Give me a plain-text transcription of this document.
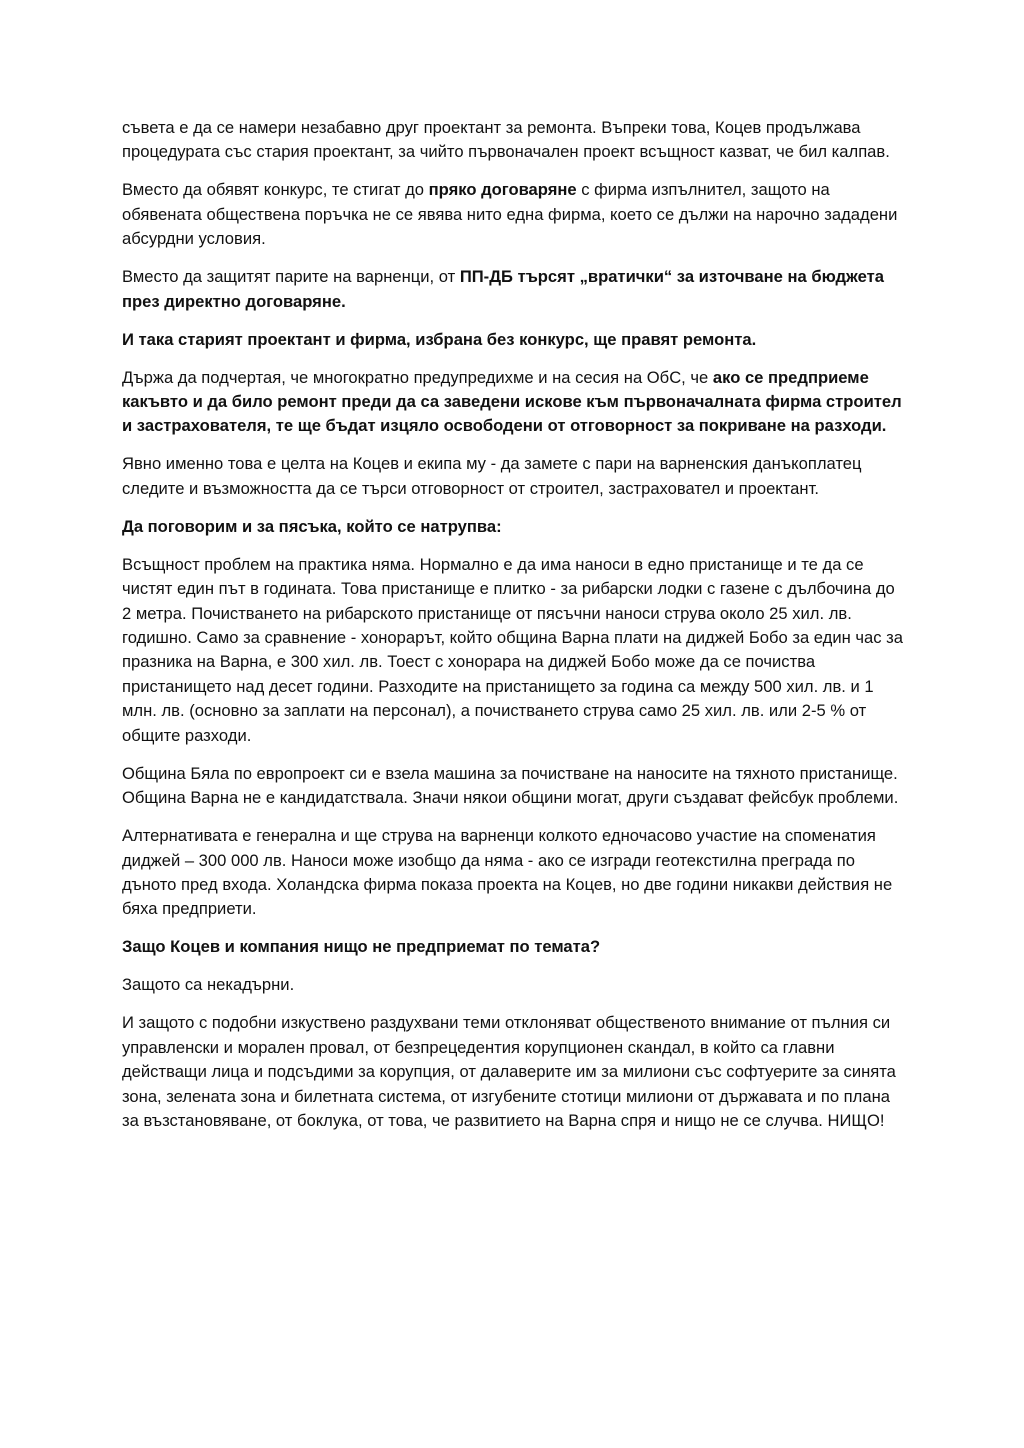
съвета е да се намери незабавно друг проектант за ремонта. Въпреки това, Коцев продължава процедурата със стария проектант, за чийто първоначален проект всъщност казват, че бил калпав.

Вместо да обявят конкурс, те стигат до пряко договаряне с фирма изпълнител, защото на обявената обществена поръчка не се явява нито една фирма, което се дължи на нарочно зададени абсурдни условия.

Вместо да защитят парите на варненци, от ПП-ДБ търсят „вратички“ за източване на бюджета през директно договаряне.

И така старият проектант и фирма, избрана без конкурс, ще правят ремонта.

Държа да подчертая, че многократно предупредихме и на сесия на ОбС, че ако се предприеме какъвто и да било ремонт преди да са заведени искове към първоначалната фирма строител и застрахователя, те ще бъдат изцяло освободени от отговорност за покриване на разходи.

Явно именно това е целта на Коцев и екипа му - да замете с пари на варненския данъкоплатец следите и възможността да се търси отговорност от строител, застраховател и проектант.

Да поговорим и за пясъка, който се натрупва:

Всъщност проблем на практика няма. Нормално е да има наноси в едно пристанище и те да се чистят един път в годината. Това пристанище е плитко - за рибарски лодки с газене с дълбочина до 2 метра. Почистването на рибарското пристанище от пясъчни наноси струва около 25 хил. лв. годишно. Само за сравнение - хонорарът, който община Варна плати на диджей Бобо за един час за празника на Варна, е 300 хил. лв. Тоест с хонорара на диджей Бобо може да се почиства пристанището над десет години. Разходите на пристанището за година са между 500 хил. лв. и 1 млн. лв. (основно за заплати на персонал), а почистването струва само 25 хил. лв. или 2-5 % от общите разходи.

Община Бяла по европроект си е взела машина за почистване на наносите на тяхното пристанище. Община Варна не е кандидатствала. Значи някои общини могат, други създават фейсбук проблеми.

Алтернативата е генерална и ще струва на варненци колкото едночасово участие на споменатия диджей – 300 000 лв. Наноси може изобщо да няма - ако се изгради геотекстилна преграда по дъното пред входа. Холандска фирма показа проекта на Коцев, но две години никакви действия не бяха предприети.

Защо Коцев и компания нищо не предприемат по темата?

Защото са некадърни.

И защото с подобни изкуствено раздухвани теми отклоняват общественото внимание от пълния си управленски и морален провал, от безпрецедентия корупционен скандал, в който са главни действащи лица и подсъдими за корупция, от далаверите им за милиони със софтуерите за синята зона, зелената зона и билетната система, от изгубените стотици милиони от държавата и по плана за възстановяване, от боклука, от това, че развитието на Варна спря и нищо не се случва. НИЩО!
